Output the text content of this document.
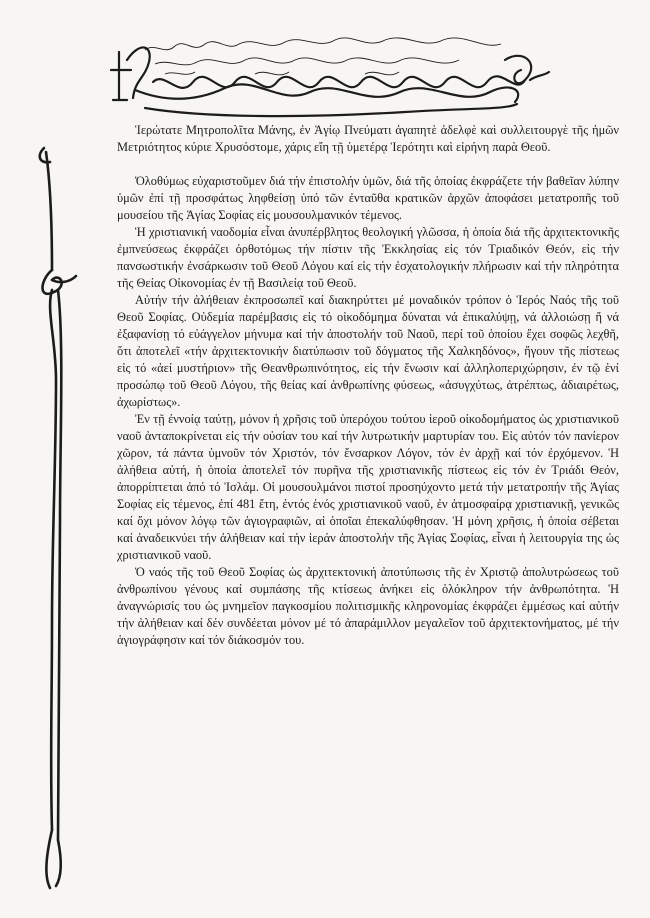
Ἱερώτατε Μητροπολῖτα Μάνης, ἐν Ἁγίῳ Πνεύματι ἀγαπητὲ ἀδελφὲ καὶ συλλειτουργὲ τῆς ἡμῶν Μετριότητος κύριε Χρυσόστομε, χάρις εἴη τῇ ὑμετέρᾳ Ἱερότητι καὶ εἰρήνη παρὰ Θεοῦ.

Ὁλοθύμως εὐχαριστοῦμεν διά τήν ἐπιστολήν ὑμῶν, διά τῆς ὁποίας ἐκφράζετε τήν βαθεῖαν λύπην ὑμῶν ἐπί τῇ προσφάτως ληφθείσῃ ὑπό τῶν ἐνταῦθα κρατικῶν ἀρχῶν ἀποφάσει μετατροπῆς τοῦ μουσείου τῆς Ἁγίας Σοφίας εἰς μουσουλμανικόν τέμενος.

Ἡ χριστιανική ναοδομία εἶναι ἀνυπέρβλητος θεολογική γλῶσσα, ἡ ὁποία διά τῆς ἀρχιτεκτονικῆς ἐμπνεύσεως ἐκφράζει ὀρθοτόμως τήν πίστιν τῆς Ἐκκλησίας εἰς τόν Τριαδικόν Θεόν, εἰς τήν πανσωστικήν ἐνσάρκωσιν τοῦ Θεοῦ Λόγου καί εἰς τήν ἐσχατολογικήν πλήρωσιν καί τήν πληρότητα τῆς Θείας Οἰκονομίας ἐν τῇ Βασιλείᾳ τοῦ Θεοῦ.

Αὐτήν τήν ἀλήθειαν ἐκπροσωπεῖ καί διακηρύττει μέ μοναδικόν τρόπον ὁ Ἱερός Ναός τῆς τοῦ Θεοῦ Σοφίας. Οὐδεμία παρέμβασις εἰς τό οἰκοδόμημα δύναται νά ἐπικαλύψῃ, νά ἀλλοιώσῃ ἤ νά ἐξαφανίσῃ τό εὐάγγελον μήνυμα καί τήν ἀποστολήν τοῦ Ναοῦ, περί τοῦ ὁποίου ἔχει σοφῶς λεχθῆ, ὅτι ἀποτελεῖ «τήν ἀρχιτεκτονικήν διατύπωσιν τοῦ δόγματος τῆς Χαλκηδόνος», ἤγουν τῆς πίστεως εἰς τό «ἀεί μυστήριον» τῆς Θεανθρωπινότητος, εἰς τήν ἕνωσιν καί ἀλληλοπεριχώρησιν, ἐν τῷ ἑνί προσώπῳ τοῦ Θεοῦ Λόγου, τῆς θείας καί ἀνθρωπίνης φύσεως, «ἀσυγχύτως, ἀτρέπτως, ἀδιαιρέτως, ἀχωρίστως».

Ἐν τῇ ἐννοίᾳ ταύτῃ, μόνον ἡ χρῆσις τοῦ ὑπερόχου τούτου ἱεροῦ οἰκοδομήματος ὡς χριστιανικοῦ ναοῦ ἀνταποκρίνεται εἰς τήν οὐσίαν του καί τήν λυτρωτικήν μαρτυρίαν του. Εἰς αὐτόν τόν πανίερον χῶρον, τά πάντα ὑμνοῦν τόν Χριστόν, τόν ἔνσαρκον Λόγον, τόν ἐν ἀρχῇ καί τόν ἐρχόμενον. Ἡ ἀλήθεια αὐτή, ἡ ὁποία ἀποτελεῖ τόν πυρῆνα τῆς χριστιανικῆς πίστεως εἰς τόν ἐν Τριάδι Θεόν, ἀπορρίπτεται ἀπό τό Ἰσλάμ. Οἱ μουσουλμάνοι πιστοί προσηύχοντο μετά τήν μετατροπήν τῆς Ἁγίας Σοφίας εἰς τέμενος, ἐπί 481 ἔτη, ἐντός ἑνός χριστιανικοῦ ναοῦ, ἐν ἀτμοσφαίρᾳ χριστιανικῇ, γενικῶς καί ὄχι μόνον λόγῳ τῶν ἁγιογραφιῶν, αἱ ὁποῖαι ἐπεκαλύφθησαν. Ἡ μόνη χρῆσις, ἡ ὁποία σέβεται καί ἀναδεικνύει τήν ἀλήθειαν καί τήν ἱεράν ἀποστολήν τῆς Ἁγίας Σοφίας, εἶναι ἡ λειτουργία της ὡς χριστιανικοῦ ναοῦ.

Ὁ ναός τῆς τοῦ Θεοῦ Σοφίας ὡς ἀρχιτεκτονική ἀποτύπωσις τῆς ἐν Χριστῷ ἀπολυτρώσεως τοῦ ἀνθρωπίνου γένους καί συμπάσης τῆς κτίσεως ἀνήκει εἰς ὁλόκληρον τήν ἀνθρωπότητα. Ἡ ἀναγνώρισίς του ὡς μνημεῖον παγκοσμίου πολιτισμικῆς κληρονομίας ἐκφράζει ἐμμέσως καί αὐτήν τήν ἀλήθειαν καί δέν συνδέεται μόνον μέ τό ἀπαράμιλλον μεγαλεῖον τοῦ ἀρχιτεκτονήματος, μέ τήν ἁγιογράφησιν καί τόν διάκοσμόν του.
